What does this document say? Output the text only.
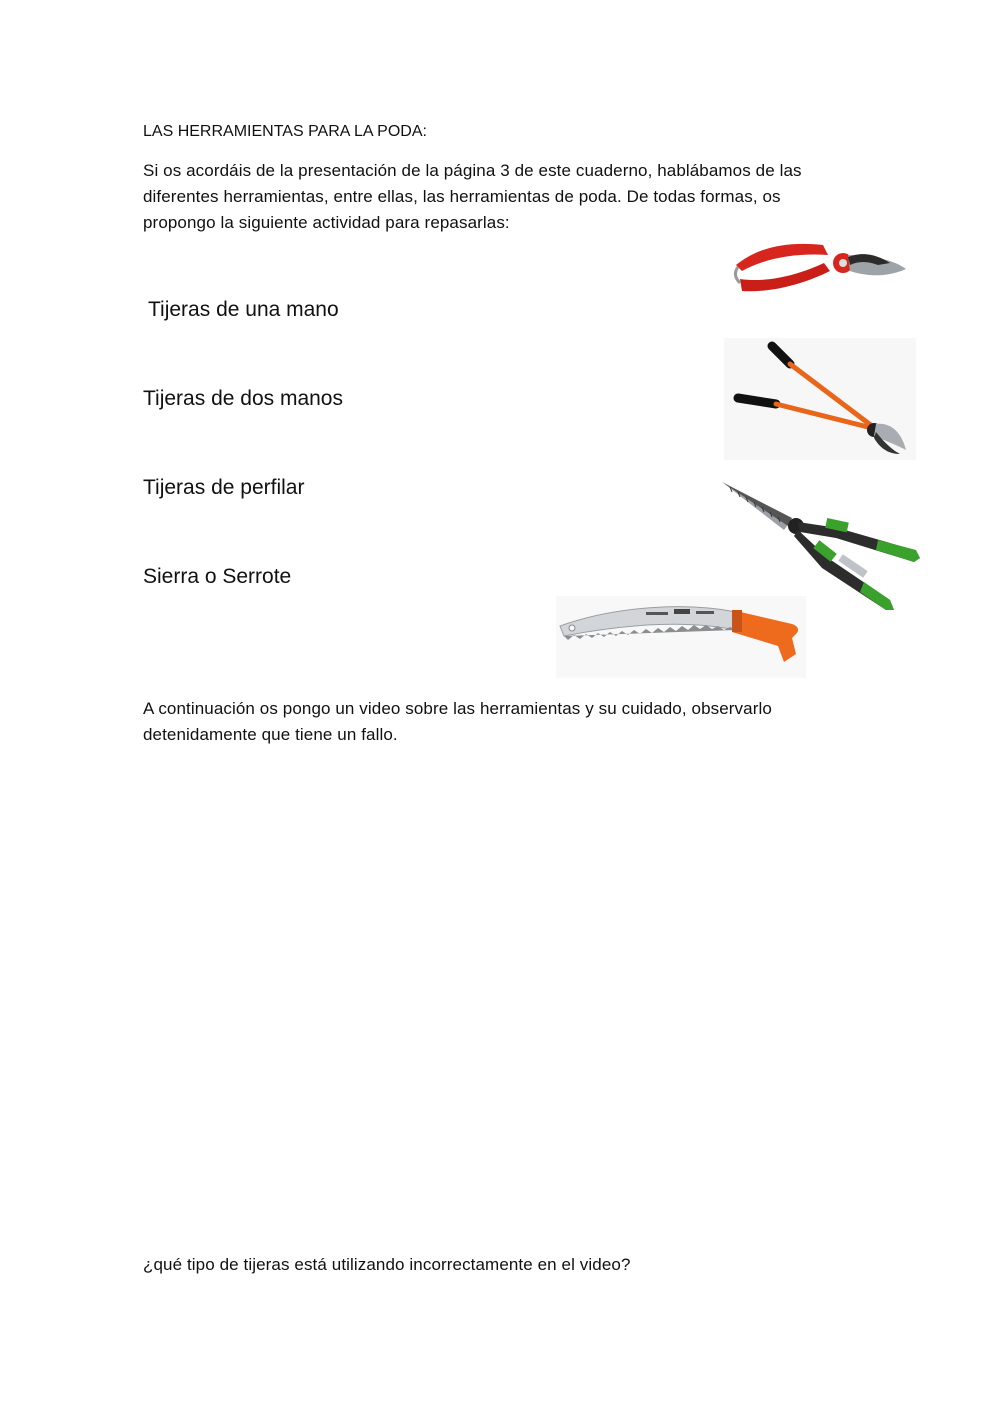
LAS HERRAMIENTAS PARA LA PODA:
Si os acordáis de la presentación de la página 3 de este cuaderno, hablábamos de las
diferentes herramientas, entre ellas, las herramientas de poda. De todas formas, os
propongo la siguiente actividad para repasarlas:
Tijeras de una mano
Tijeras de dos manos
Tijeras de perfilar
Sierra o Serrote
A continuación os pongo un video sobre las herramientas y su cuidado, observarlo
detenidamente que tiene un fallo.
¿qué tipo de tijeras está utilizando incorrectamente en el video?
